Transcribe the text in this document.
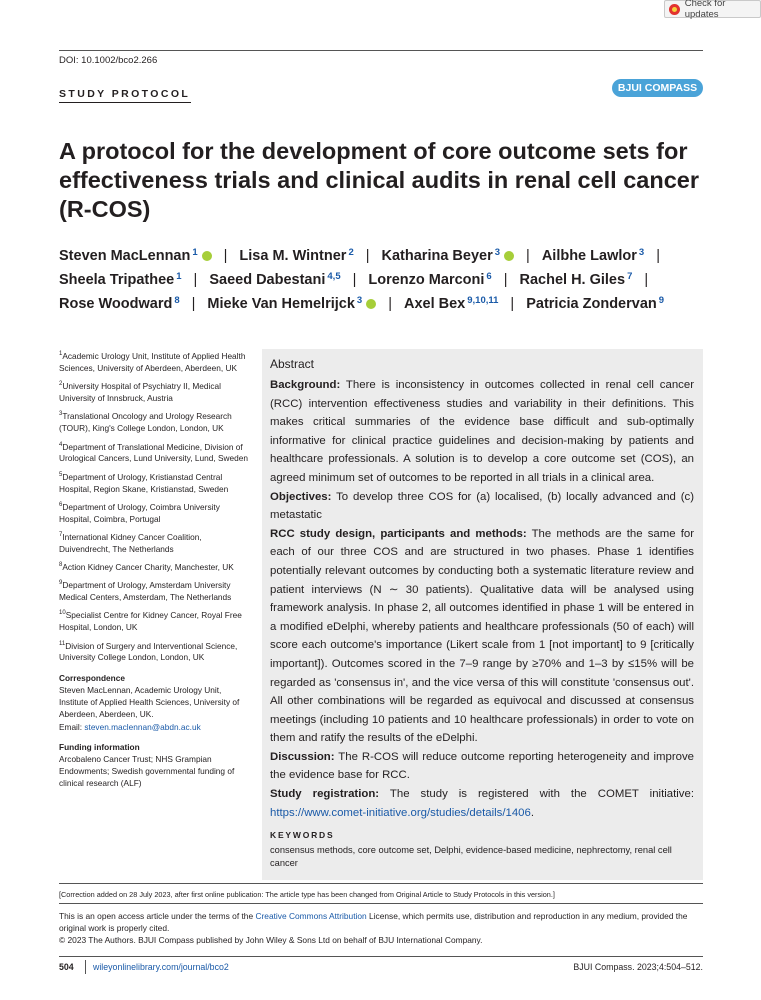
Check for updates
DOI: 10.1002/bco2.266
STUDY PROTOCOL	BJUI COMPASS
A protocol for the development of core outcome sets for effectiveness trials and clinical audits in renal cell cancer (R-COS)
Steven MacLennan$^1$ | Lisa M. Wintner$^2$ | Katharina Beyer$^3$ | Ailbhe Lawlor$^3$ |
Sheela Tripathee$^1$ | Saeed Dabestani$^{4,5}$ | Lorenzo Marconi$^6$ | Rachel H. Giles$^7$ |
Rose Woodward$^8$ | Mieke Van Hemelrijck$^3$ | Axel Bex$^{9,10,11}$ | Patricia Zondervan$^9$
$^1$Academic Urology Unit, Institute of Applied Health Sciences, University of Aberdeen, Aberdeen, UK
$^2$University Hospital of Psychiatry II, Medical University of Innsbruck, Austria
$^3$Translational Oncology and Urology Research (TOUR), King's College London, London, UK
$^4$Department of Translational Medicine, Division of Urological Cancers, Lund University, Lund, Sweden
$^5$Department of Urology, Kristianstad Central Hospital, Region Skane, Kristianstad, Sweden
$^6$Department of Urology, Coimbra University Hospital, Coimbra, Portugal
$^7$International Kidney Cancer Coalition, Duivendrecht, The Netherlands
$^8$Action Kidney Cancer Charity, Manchester, UK
$^9$Department of Urology, Amsterdam University Medical Centers, Amsterdam, The Netherlands
$^{10}$Specialist Centre for Kidney Cancer, Royal Free Hospital, London, UK
$^{11}$Division of Surgery and Interventional Science, University College London, London, UK
Correspondence
Steven MacLennan, Academic Urology Unit, Institute of Applied Health Sciences, University of Aberdeen, Aberdeen, UK.
Email: steven.maclennan@abdn.ac.uk
Funding information
Arcobaleno Cancer Trust; NHS Grampian Endowments; Swedish governmental funding of clinical research (ALF)
Abstract

Background: There is inconsistency in outcomes collected in renal cell cancer (RCC) intervention effectiveness studies and variability in their definitions. This makes critical summaries of the evidence base difficult and sub-optimally informative for clinical practice guidelines and decision-making by patients and healthcare professionals. A solution is to develop a core outcome set (COS), an agreed minimum set of outcomes to be reported in all trials in a clinical area.

Objectives: To develop three COS for (a) localised, (b) locally advanced and (c) metastatic

RCC study design, participants and methods: The methods are the same for each of our three COS and are structured in two phases. Phase 1 identifies potentially relevant outcomes by conducting both a systematic literature review and patient interviews (N ∼ 30 patients). Qualitative data will be analysed using framework analysis. In phase 2, all outcomes identified in phase 1 will be entered in a modified eDelphi, whereby patients and healthcare professionals (50 of each) will score each outcome's importance (Likert scale from 1 [not important] to 9 [critically important]). Outcomes scored in the 7–9 range by ≥70% and 1–3 by ≤15% will be regarded as 'consensus in', and the vice versa of this will constitute 'consensus out'. All other combinations will be regarded as equivocal and discussed at consensus meetings (including 10 patients and 10 healthcare professionals) in order to vote on them and ratify the results of the eDelphi.

Discussion: The R-COS will reduce outcome reporting heterogeneity and improve the evidence base for RCC.

Study registration: The study is registered with the COMET initiative: https://www.comet-initiative.org/studies/details/1406.

KEYWORDS
consensus methods, core outcome set, Delphi, evidence-based medicine, nephrectomy, renal cell cancer
[Correction added on 28 July 2023, after first online publication: The article type has been changed from Original Article to Study Protocols in this version.]
This is an open access article under the terms of the Creative Commons Attribution License, which permits use, distribution and reproduction in any medium, provided the original work is properly cited.
© 2023 The Authors. BJUI Compass published by John Wiley & Sons Ltd on behalf of BJU International Company.
504 wileyonlinelibrary.com/journal/bco2	BJUI Compass. 2023;4:504–512.
